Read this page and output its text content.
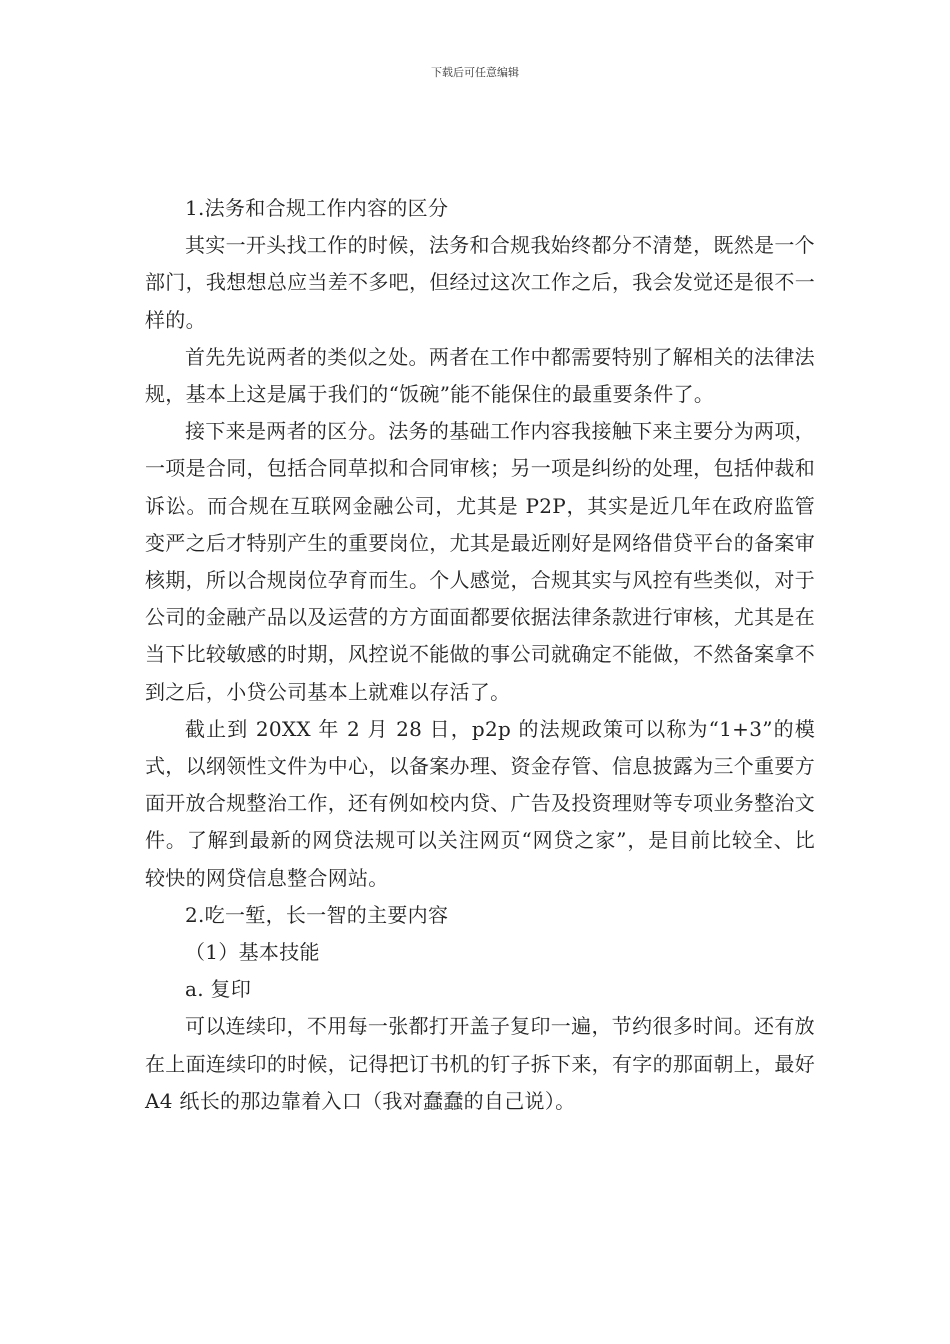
下载后可任意编辑

1.法务和合规工作内容的区分

其实一开头找工作的时候，法务和合规我始终都分不清楚，既然是一个部门，我想想总应当差不多吧，但经过这次工作之后，我会发觉还是很不一样的。

首先先说两者的类似之处。两者在工作中都需要特别了解相关的法律法规，基本上这是属于我们的“饭碗”能不能保住的最重要条件了。

接下来是两者的区分。法务的基础工作内容我接触下来主要分为两项，一项是合同，包括合同草拟和合同审核；另一项是纠纷的处理，包括仲裁和诉讼。而合规在互联网金融公司，尤其是 P2P，其实是近几年在政府监管变严之后才特别产生的重要岗位，尤其是最近刚好是网络借贷平台的备案审核期，所以合规岗位孕育而生。个人感觉，合规其实与风控有些类似，对于公司的金融产品以及运营的方方面面都要依据法律条款进行审核，尤其是在当下比较敏感的时期，风控说不能做的事公司就确定不能做，不然备案拿不到之后，小贷公司基本上就难以存活了。

截止到 20XX 年 2 月 28 日，p2p 的法规政策可以称为“1+3”的模式，以纲领性文件为中心，以备案办理、资金存管、信息披露为三个重要方面开放合规整治工作，还有例如校内贷、广告及投资理财等专项业务整治文件。了解到最新的网贷法规可以关注网页“网贷之家”，是目前比较全、比较快的网贷信息整合网站。

2.吃一堑，长一智的主要内容

（1）基本技能

a. 复印

可以连续印，不用每一张都打开盖子复印一遍，节约很多时间。还有放在上面连续印的时候，记得把订书机的钉子拆下来，有字的那面朝上，最好 A4 纸长的那边靠着入口（我对蠢蠢的自己说）。
